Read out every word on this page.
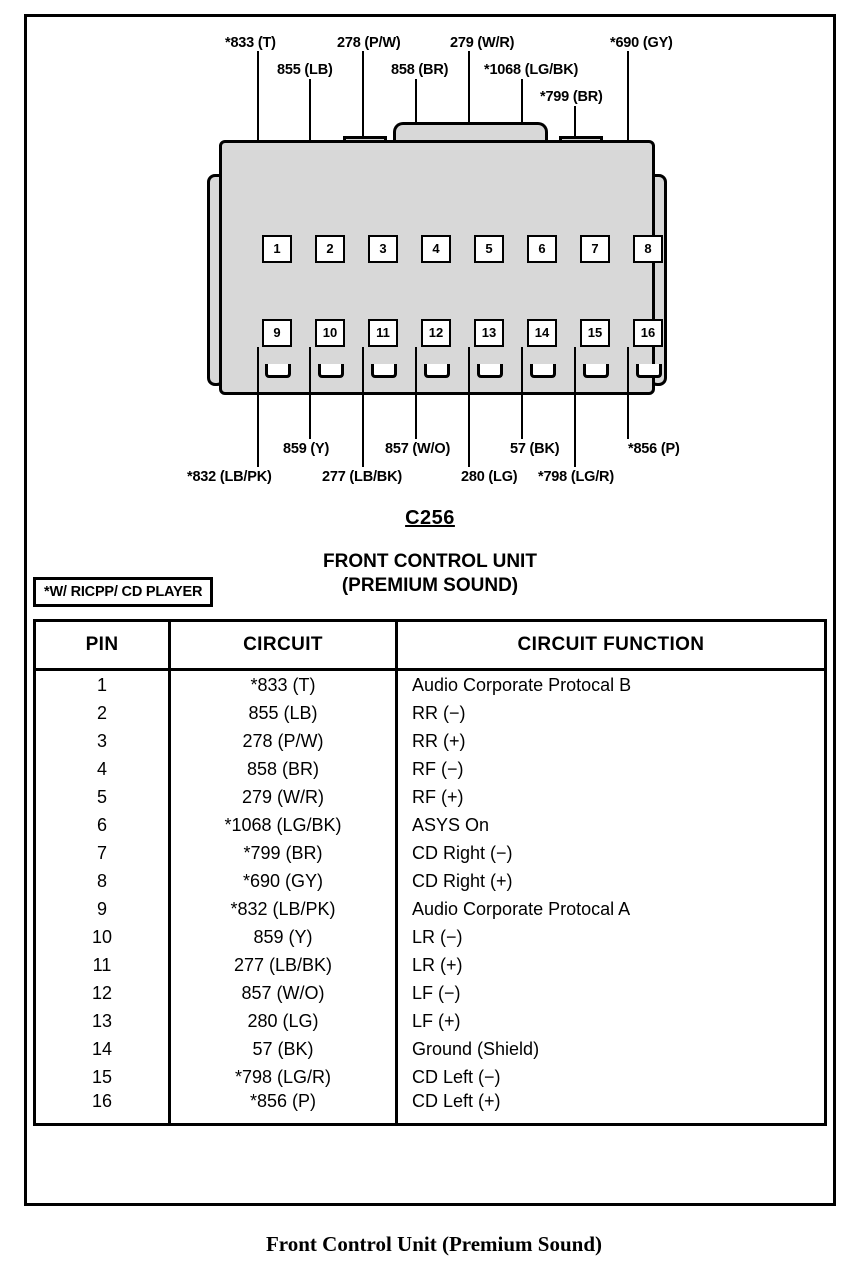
*833 (T)
855 (LB)
278 (P/W)
858 (BR)
279 (W/R)
*1068 (LG/BK)
*799 (BR)
*690 (GY)
1	2	3	4	5	6	7	8
9	10	11	12	13	14	15	16
*832 (LB/PK)
859 (Y)
277 (LB/BK)
857 (W/O)
280 (LG)
57 (BK)
*798 (LG/R)
*856 (P)
C256
FRONT CONTROL UNIT
(PREMIUM SOUND)
*W/ RICPP/ CD PLAYER
PIN	CIRCUIT	CIRCUIT FUNCTION
1	*833 (T)	Audio Corporate Protocal B
2	855 (LB)	RR (−)
3	278 (P/W)	RR (+)
4	858 (BR)	RF (−)
5	279 (W/R)	RF (+)
6	*1068 (LG/BK)	ASYS On
7	*799 (BR)	CD Right (−)
8	*690 (GY)	CD Right (+)
9	*832 (LB/PK)	Audio Corporate Protocal A
10	859 (Y)	LR (−)
11	277 (LB/BK)	LR (+)
12	857 (W/O)	LF (−)
13	280 (LG)	LF (+)
14	57 (BK)	Ground (Shield)
15	*798 (LG/R)	CD Left (−)
16	*856 (P)	CD Left (+)
Front Control Unit (Premium Sound)
